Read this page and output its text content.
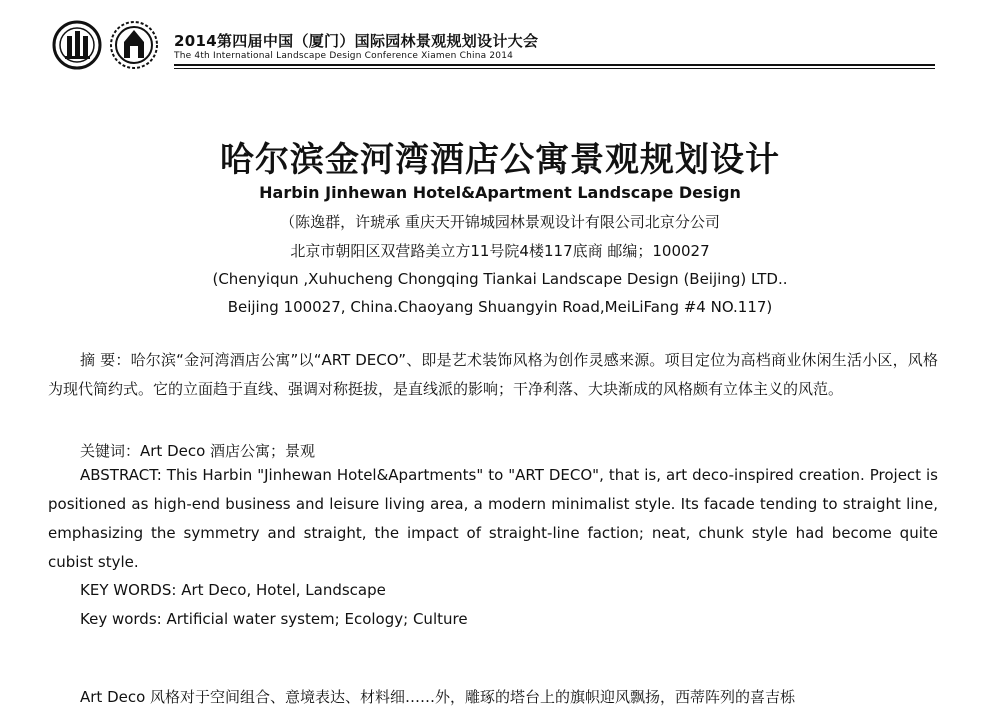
2014第四届中国（厦门）国际园林景观规划设计大会
The 4th International Landscape Design Conference Xiamen China 2014
哈尔滨金河湾酒店公寓景观规划设计
Harbin Jinhewan Hotel&Apartment Landscape Design
（陈逸群，许琥承 重庆天开锦城园林景观设计有限公司北京分公司
北京市朝阳区双营路美立方11号院4楼117底商 邮编；100027
(Chenyiqun ,Xuhucheng Chongqing Tiankai Landscape Design (Beijing) LTD..
Beijing 100027, China.Chaoyang Shuangyin Road,MeiLiFang #4 NO.117)

摘 要：哈尔滨“金河湾酒店公寓”以“ART DECO”、即是艺术装饰风格为创作灵感来源。项目定位为高档商业休闲生活小区，风格为现代简约式。它的立面趋于直线、强调对称挺拔，是直线派的影响；干净利落、大块渐成的风格颇有立体主义的风范。

关键词：Art Deco 酒店公寓；景观

ABSTRACT: This Harbin "Jinhewan Hotel&Apartments" to "ART DECO", that is, art deco-inspired creation. Project is positioned as high-end business and leisure living area, a modern minimalist style. Its facade tending to straight line, emphasizing the symmetry and straight, the impact of straight-line faction; neat, chunk style had become quite cubist style.

KEY WORDS: Art Deco, Hotel, Landscape
Key words: Artificial water system; Ecology; Culture
Art Deco 风格对于空间组合、意境表达、材料细……外，雕琢的塔台上的旗帜迎风飘扬，西蒂阵列的喜吉栎
